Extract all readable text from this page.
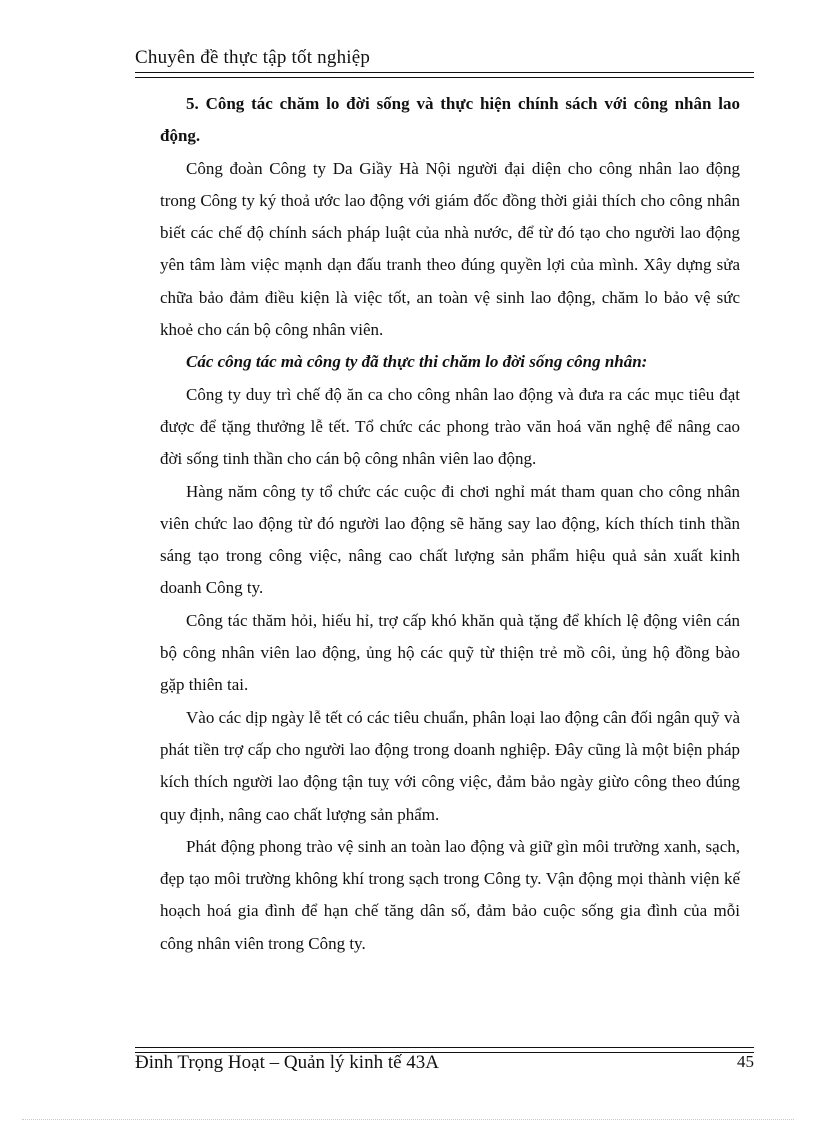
Chuyên đề thực tập tốt nghiệp

5. Công tác chăm lo đời sống và thực hiện chính sách với công nhân lao động.

Công đoàn Công ty Da Giầy Hà Nội người đại diện cho công nhân lao động trong Công ty ký thoả ước lao động với giám đốc đồng thời giải thích cho công nhân biết các chế độ chính sách pháp luật của nhà nước, để từ đó tạo cho người lao động yên tâm làm việc mạnh dạn đấu tranh theo đúng quyền lợi của mình. Xây dựng sửa chữa bảo đảm điều kiện là việc tốt, an toàn vệ sinh lao động, chăm lo bảo vệ sức khoẻ cho cán bộ công nhân viên.

Các công tác mà công ty đã thực thi chăm lo đời sống công nhân:

Công ty duy trì chế độ ăn ca cho công nhân lao động và đưa ra các mục tiêu đạt được để tặng thưởng lễ tết. Tổ chức các phong trào văn hoá văn nghệ để nâng cao đời sống tinh thần cho cán bộ công nhân viên lao động.

Hàng năm công ty tổ chức các cuộc đi chơi nghỉ mát tham quan cho công nhân viên chức lao động từ đó người lao động sẽ hăng say lao động, kích thích tinh thần sáng tạo trong công việc, nâng cao chất lượng sản phẩm hiệu quả sản xuất kinh doanh Công ty.

Công tác thăm hỏi, hiếu hỉ, trợ cấp khó khăn quà tặng để khích lệ động viên cán bộ công nhân viên lao động, ủng hộ các quỹ từ thiện trẻ mồ côi, ủng hộ đồng bào gặp thiên tai.

Vào các dịp ngày lễ tết có các tiêu chuẩn, phân loại lao động cân đối ngân quỹ và phát tiền trợ cấp cho người lao động trong doanh nghiệp. Đây cũng là một biện pháp kích thích người lao động tận tuỵ với công việc, đảm bảo ngày giừo công theo đúng quy định, nâng cao chất lượng sản phẩm.

Phát động phong trào vệ sinh an toàn lao động và giữ gìn môi trường xanh, sạch, đẹp tạo môi trường không khí trong sạch trong Công ty. Vận động mọi thành viện kế hoạch hoá gia đình để hạn chế tăng dân số, đảm bảo cuộc sống gia đình của mỗi công nhân viên trong Công ty.

Đinh Trọng Hoạt – Quản lý kinh tế 43A	45
